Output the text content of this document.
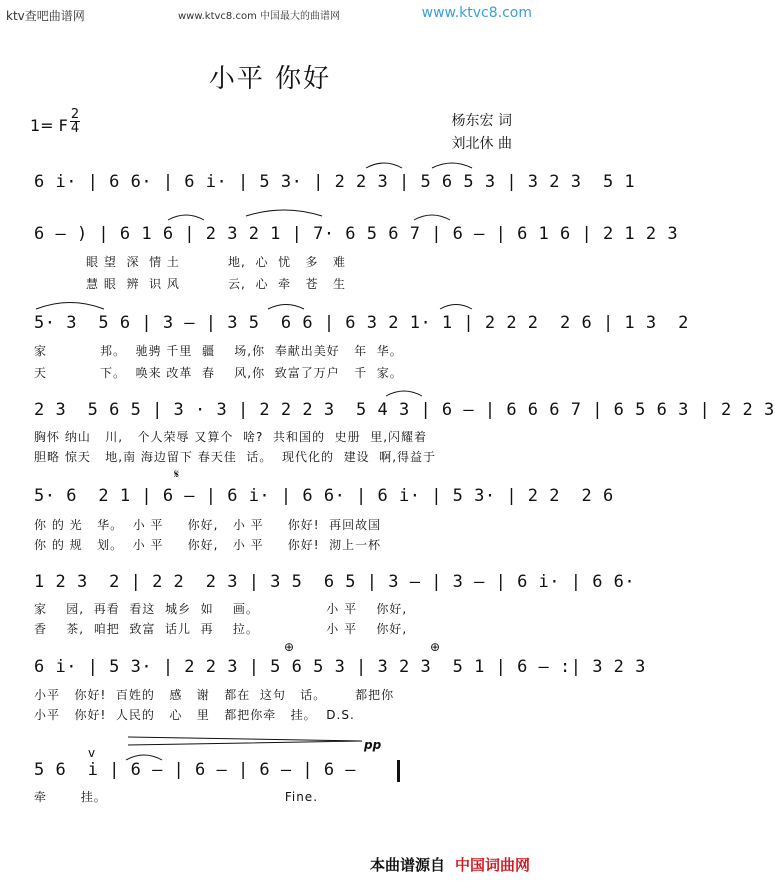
ktv查吧曲谱网	www.ktvc8.com 中国最大的曲谱网	www.ktvc8.com
小平 你好
1= F
2
4	杨东宏 词
刘北休 曲
6 i· | 6 6· | 6 i· | 5 3· | 2 2 3 | 5 6 5 3 | 3 2 3  5 1
6 – ) | 6 1 6 | 2 3 2 1 | 7· 6 5 6 7 | 6 – | 6 1 6 | 2 1 2 3
眼 望  深  情 土          地,  心  忧   多   难
慧 眼  辨  识 风          云,  心  牵   苍   生
5· 3  5 6 | 3 – | 3 5  6 6 | 6 3 2 1· 1 | 2 2 2  2 6 | 1 3  2
家           邦。  驰骋 千里  疆    场,你  奉献出美好   年  华。
天           下。  唤来 改革  春    风,你  致富了万户   千  家。
2 3  5 6 5 | 3 · 3 | 2 2 2 3  5 4 3 | 6 – | 6 6 6 7 | 6 5 6 3 | 2 2 3
胸怀 纳山   川,   个人荣辱 又算个  啥?  共和国的  史册  里,闪耀着
胆略 惊天   地,南 海边留下 春天佳  话。  现代化的  建设  啊,得益于
𝄋
5· 6  2 1 | 6 – | 6 i· | 6 6· | 6 i· | 5 3· | 2 2  2 6
你 的 光   华。  小 平     你好,   小 平     你好!  再回故国
你 的 规   划。  小 平     你好,   小 平     你好!  沏上一杯
1 2 3  2 | 2 2  2 3 | 3 5  6 5 | 3 – | 3 – | 6 i· | 6 6·
家    园,  再看  看这  城乡  如    画。              小 平    你好,
香    茶,  咱把  致富  话儿  再    拉。              小 平    你好,
⊕	⊕
6 i· | 5 3· | 2 2 3 | 5 6 5 3 | 3 2 3  5 1 | 6 – :| 3 2 3
小平   你好!  百姓的   感   谢   都在  这句   话。      都把你
小平   你好!  人民的   心   里   都把你牵   挂。  D.S.
pp
v
5 6  i | 6 – | 6 – | 6 – | 6 –
牵       挂。                                     Fine.
本曲谱源自 中国词曲网
